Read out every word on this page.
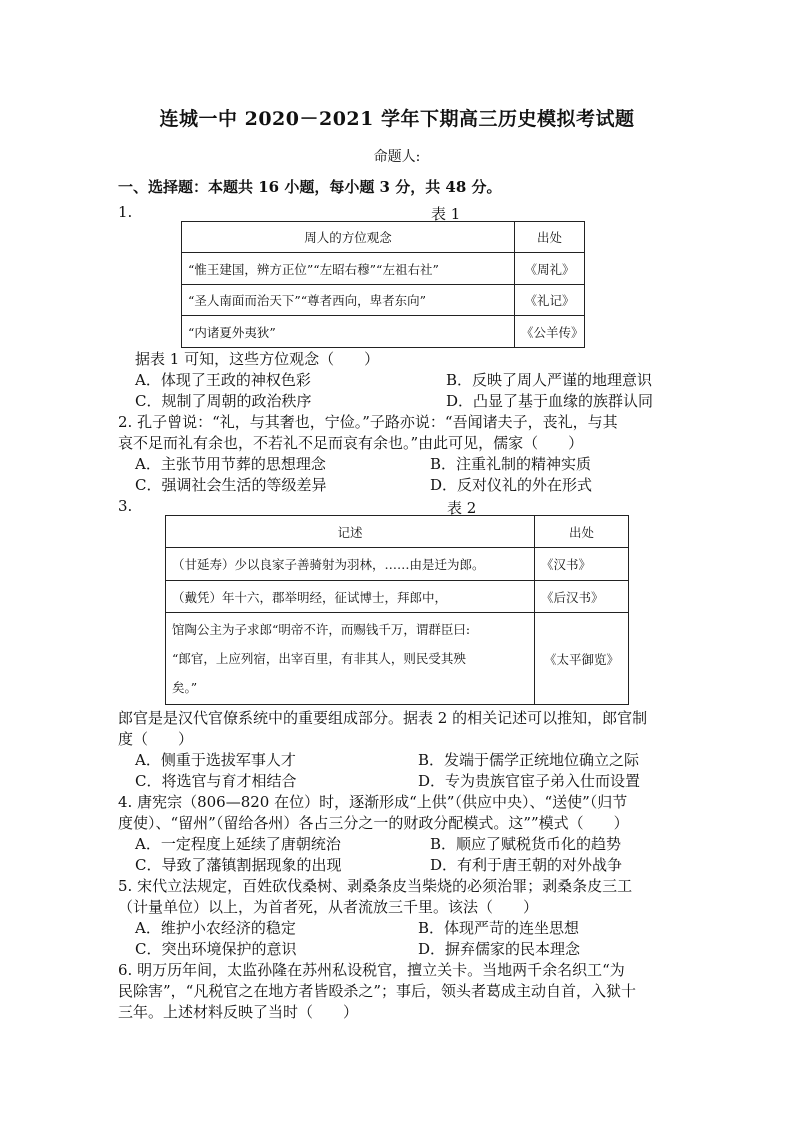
连城一中 2020－2021 学年下期高三历史模拟考试题
命题人:
一、选择题：本题共 16 小题，每小题 3 分，共 48 分。
1.	表 1
周人的方位观念	出处
“惟王建国，辨方正位”“左昭右穆”“左祖右社”	《周礼》
“圣人南面而治天下”“尊者西向，卑者东向”	《礼记》
“内诸夏外夷狄”	《公羊传》
据表 1 可知，这些方位观念（　　）
A．体现了王政的神权色彩	B．反映了周人严谨的地理意识
C．规制了周朝的政治秩序	D．凸显了基于血缘的族群认同
2. 孔子曾说：“礼，与其奢也，宁俭。”子路亦说：“吾闻诸夫子，丧礼，与其
哀不足而礼有余也，不若礼不足而哀有余也。”由此可见，儒家（　　）
A．主张节用节葬的思想理念	B．注重礼制的精神实质
C．强调社会生活的等级差异	D．反对仪礼的外在形式
3.	表 2
记述	出处
（甘延寿）少以良家子善骑射为羽林，……由是迁为郎。	《汉书》
（戴凭）年十六，郡举明经，征试博士，拜郎中，	《后汉书》

馆陶公主为子求郎“明帝不许，而赐钱千万，谓群臣曰:
“郎官，上应列宿，出宰百里，有非其人，则民受其殃
矣。”	《太平御览》
郎官是是汉代官僚系统中的重要组成部分。据表 2 的相关记述可以推知，郎官制
度（　　）
A．侧重于选拔军事人才	B．发端于儒学正统地位确立之际
C．将选官与育才相结合	D．专为贵族官宦子弟入仕而设置
4. 唐宪宗（806—820 在位）时，逐渐形成“上供”（供应中央）、“送使”（归节
度使）、“留州”（留给各州）各占三分之一的财政分配模式。这””模式（　　）
A．一定程度上延续了唐朝统治	B．顺应了赋税货币化的趋势
C．导致了藩镇割据现象的出现	D．有利于唐王朝的对外战争
5. 宋代立法规定，百姓砍伐桑树、剥桑条皮当柴烧的必须治罪；剥桑条皮三工
（计量单位）以上，为首者死，从者流放三千里。该法（　　）
A．维护小农经济的稳定	B．体现严苛的连坐思想
C．突出环境保护的意识	D．摒弃儒家的民本理念
6. 明万历年间，太监孙隆在苏州私设税官，擅立关卡。当地两千余名织工“为
民除害”，“凡税官之在地方者皆殴杀之”；事后，领头者葛成主动自首，入狱十
三年。上述材料反映了当时（　　）
